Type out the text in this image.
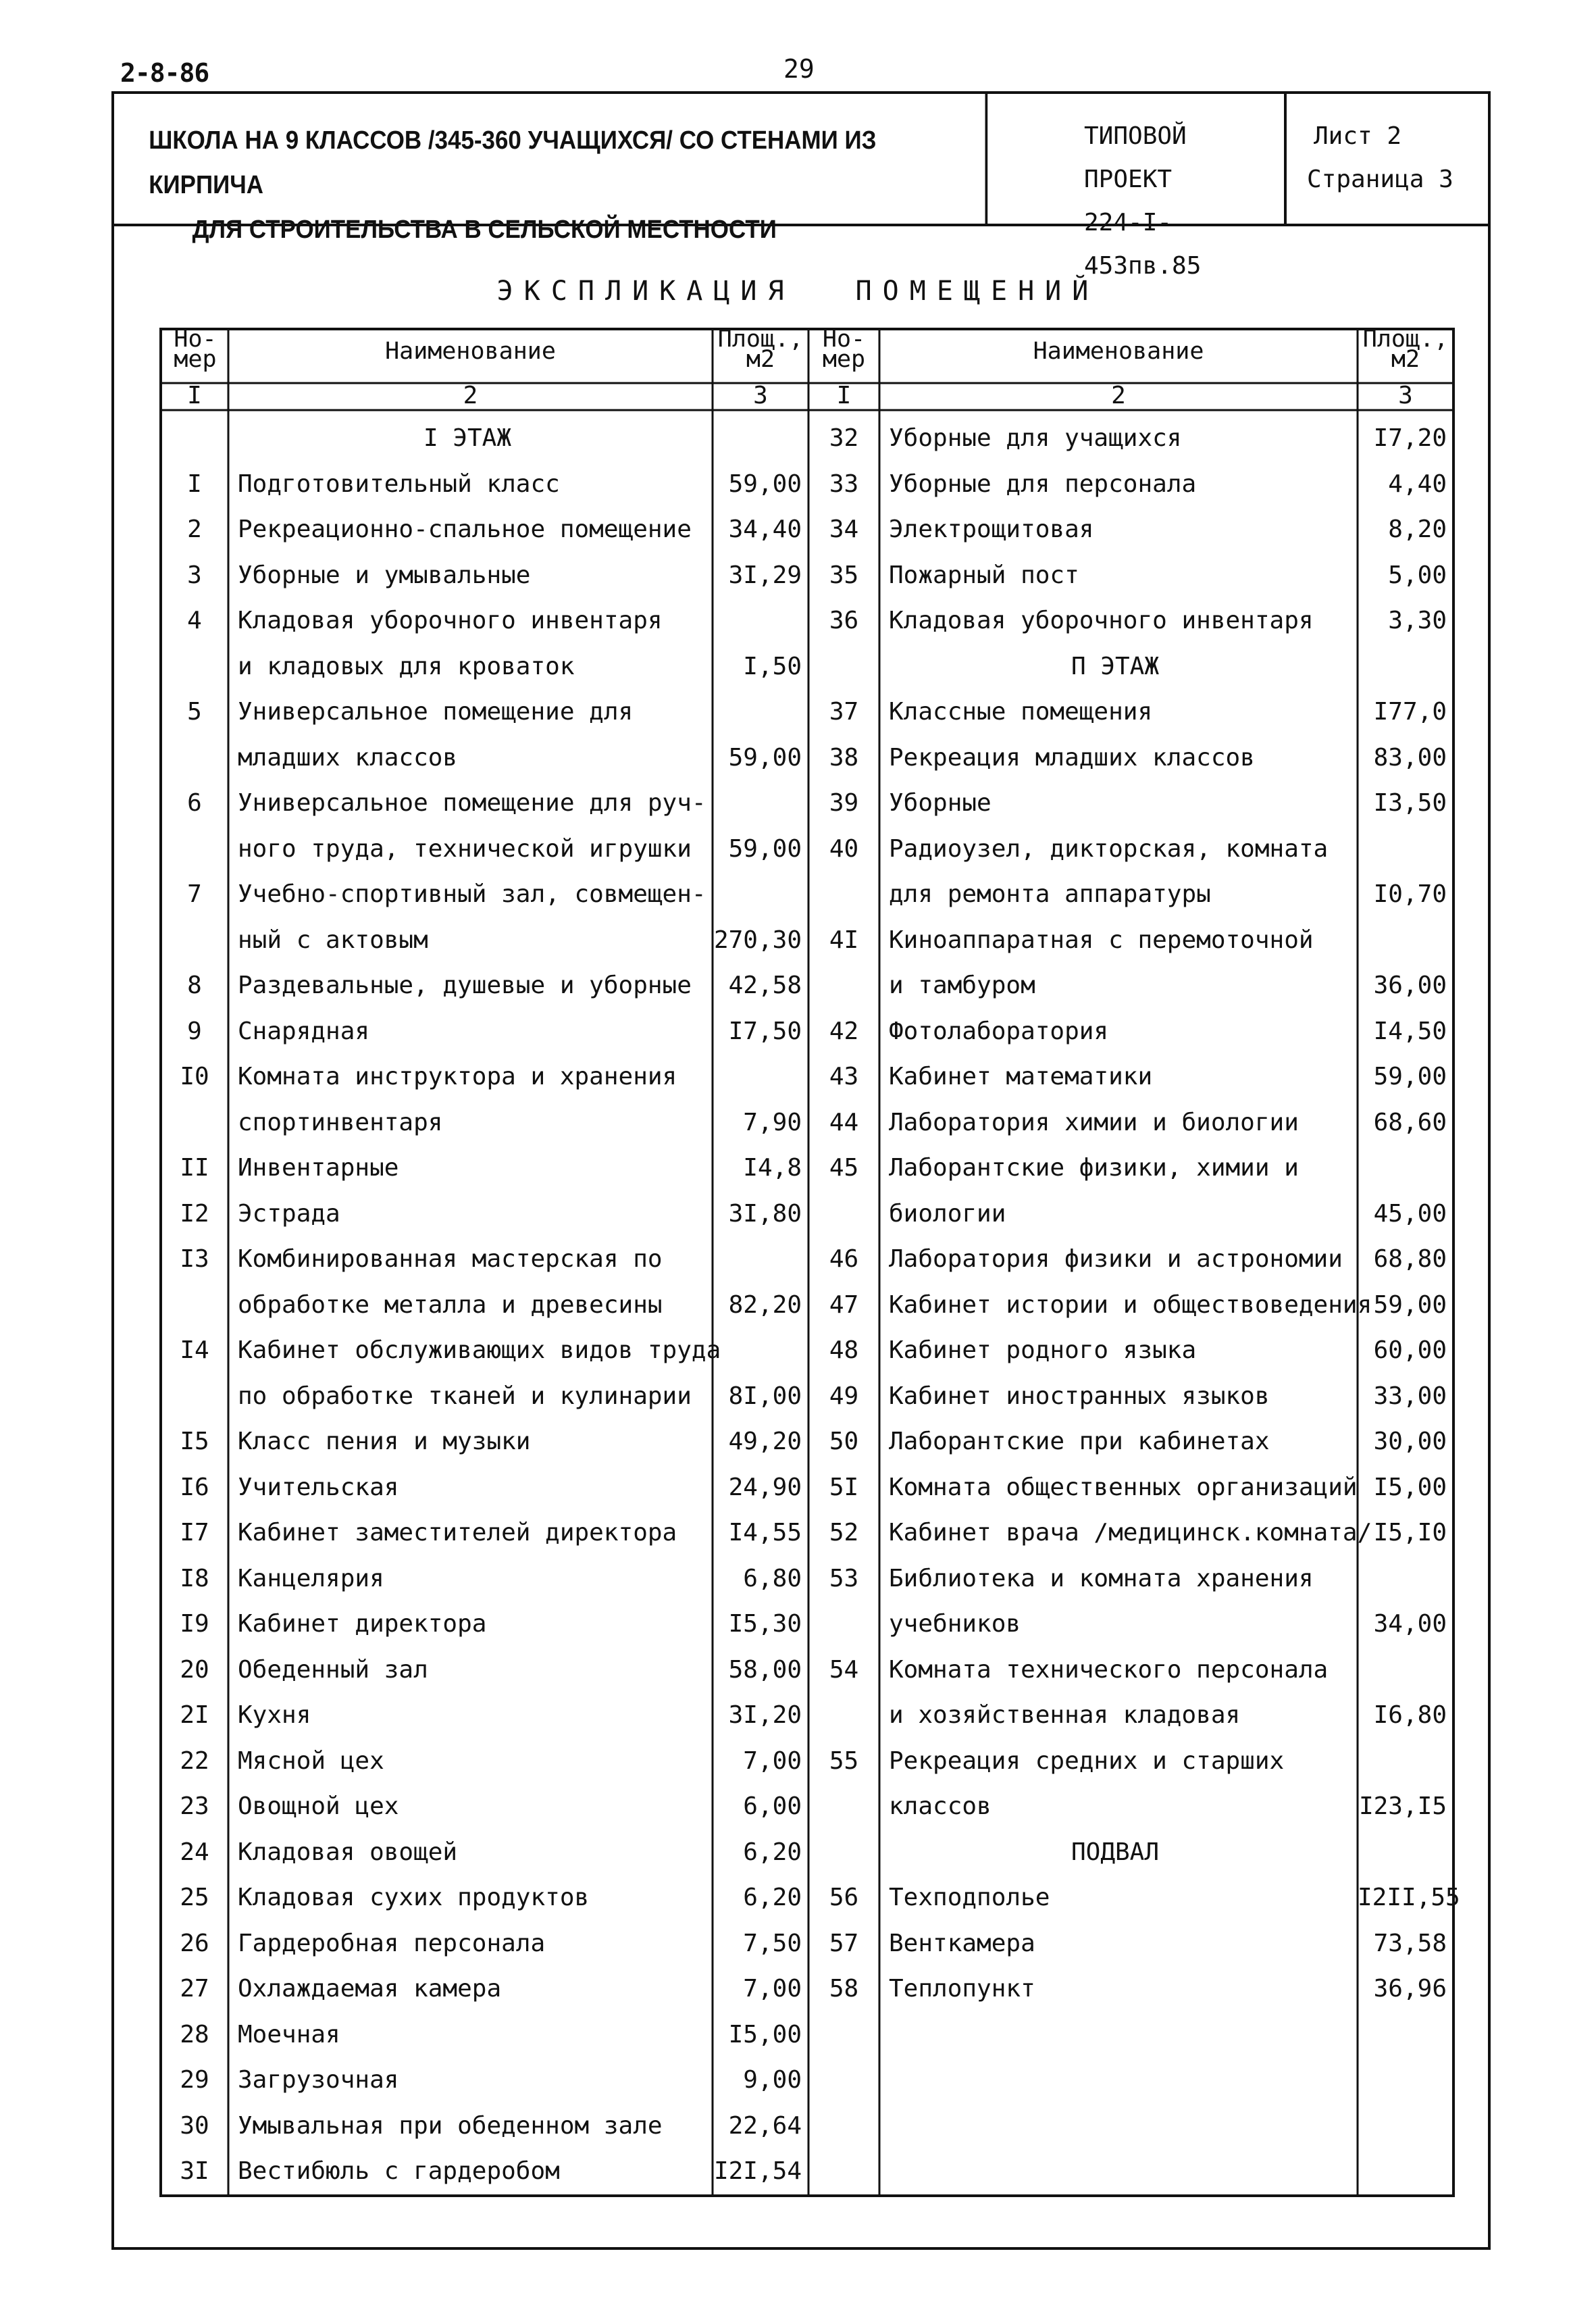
2-8-86	29
ШКОЛА НА 9 КЛАССОВ /345-360 УЧАЩИХСЯ/ СО СТЕНАМИ ИЗ КИРПИЧА
ДЛЯ СТРОИТЕЛЬСТВА В СЕЛЬСКОЙ МЕСТНОСТИ
ТИПОВОЙ ПРОЕКТ
224-I-453пв.85
Лист 2
Страница 3
ЭКСПЛИКАЦИЯ ПОМЕЩЕНИЙ
Но-
мер	Наименование	Площ.,
м2
Но-
мер	Наименование	Площ.,
м2
I	2	3	I	2	3
I ЭТАЖ
I	Подготовительный класс	59,00
2	Рекреационно-спальное помещение	34,40
3	Уборные и умывальные	3I,29
4	Кладовая уборочного инвентаря
и кладовых для кроваток	I,50
5	Универсальное помещение для
младших классов	59,00
6	Универсальное помещение для руч-
ного труда, технической игрушки	59,00
7	Учебно-спортивный зал, совмещен-
ный с актовым	270,30
8	Раздевальные, душевые и уборные	42,58
9	Снарядная	I7,50
I0	Комната инструктора и хранения
спортинвентаря	7,90
II	Инвентарные	I4,8
I2	Эстрада	3I,80
I3	Комбинированная мастерская по
обработке металла и древесины	82,20
I4	Кабинет обслуживающих видов труда
по обработке тканей и кулинарии	8I,00
I5	Класс пения и музыки	49,20
I6	Учительская	24,90
I7	Кабинет заместителей директора	I4,55
I8	Канцелярия	6,80
I9	Кабинет директора	I5,30
20	Обеденный зал	58,00
2I	Кухня	3I,20
22	Мясной цех	7,00
23	Овощной цех	6,00
24	Кладовая овощей	6,20
25	Кладовая сухих продуктов	6,20
26	Гардеробная персонала	7,50
27	Охлаждаемая камера	7,00
28	Моечная	I5,00
29	Загрузочная	9,00
30	Умывальная при обеденном зале	22,64
3I	Вестибюль с гардеробом	I2I,54
32	Уборные для учащихся	I7,20
33	Уборные для персонала	4,40
34	Электрощитовая	8,20
35	Пожарный пост	5,00
36	Кладовая уборочного инвентаря	3,30
П ЭТАЖ
37	Классные помещения	I77,0
38	Рекреация младших классов	83,00
39	Уборные	I3,50
40	Радиоузел, дикторская, комната
для ремонта аппаратуры	I0,70
4I	Киноаппаратная с перемоточной
и тамбуром	36,00
42	Фотолаборатория	I4,50
43	Кабинет математики	59,00
44	Лаборатория химии и биологии	68,60
45	Лаборантские физики, химии и
биологии	45,00
46	Лаборатория физики и астрономии	68,80
47	Кабинет истории и обществоведения 59,00
48	Кабинет родного языка	60,00
49	Кабинет иностранных языков	33,00
50	Лаборантские при кабинетах	30,00
5I	Комната общественных организаций I5,00
52	Кабинет врача /медицинск.комната/ I5,I0
53	Библиотека и комната хранения
учебников	34,00
54	Комната технического персонала
и хозяйственная кладовая	I6,80
55	Рекреация средних и старших
классов	I23,I5
ПОДВАЛ
56	Техподполье	I2II,55
57	Венткамера	73,58
58	Теплопункт	36,96
